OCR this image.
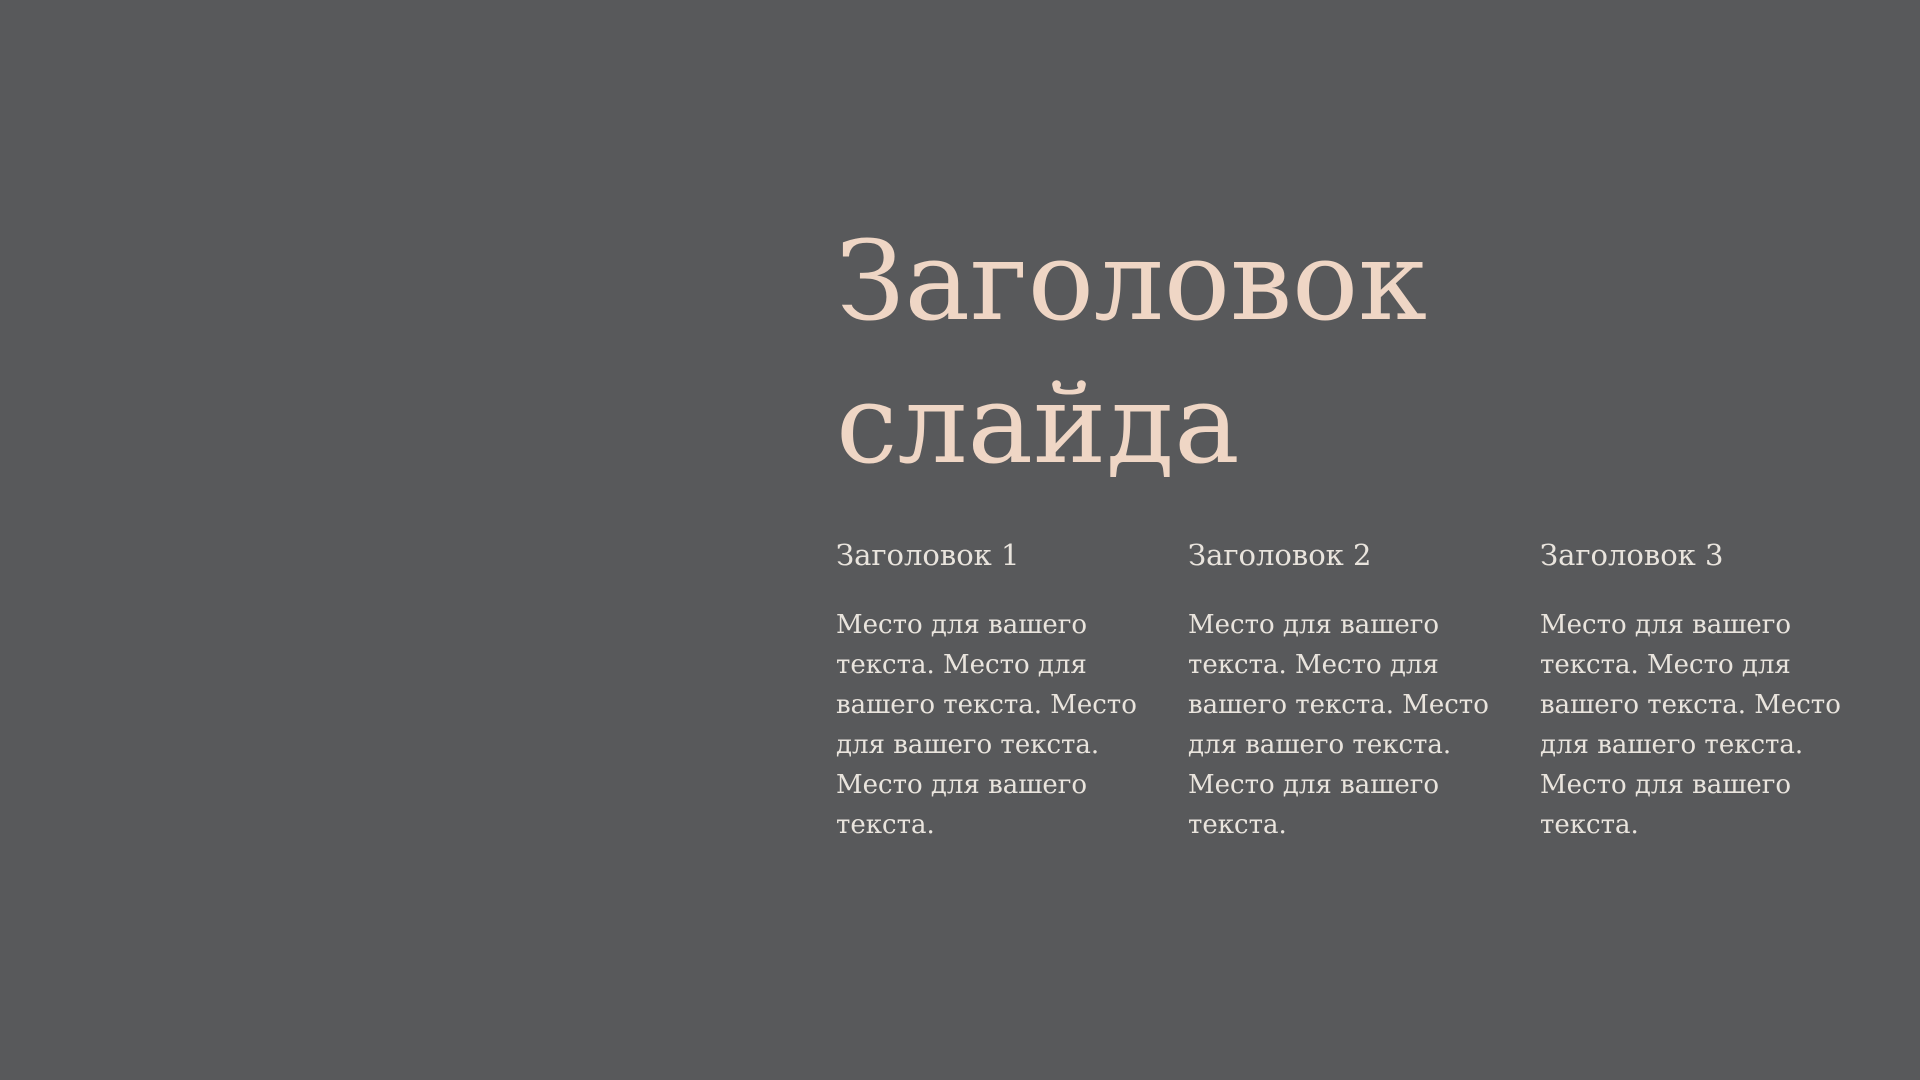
Заголовок слайда
Заголовок 1

Место для вашего текста. Место для вашего текста. Место для вашего текста. Место для вашего текста.

Заголовок 2

Место для вашего текста. Место для вашего текста. Место для вашего текста. Место для вашего текста.

Заголовок 3

Место для вашего текста. Место для вашего текста. Место для вашего текста. Место для вашего текста.
